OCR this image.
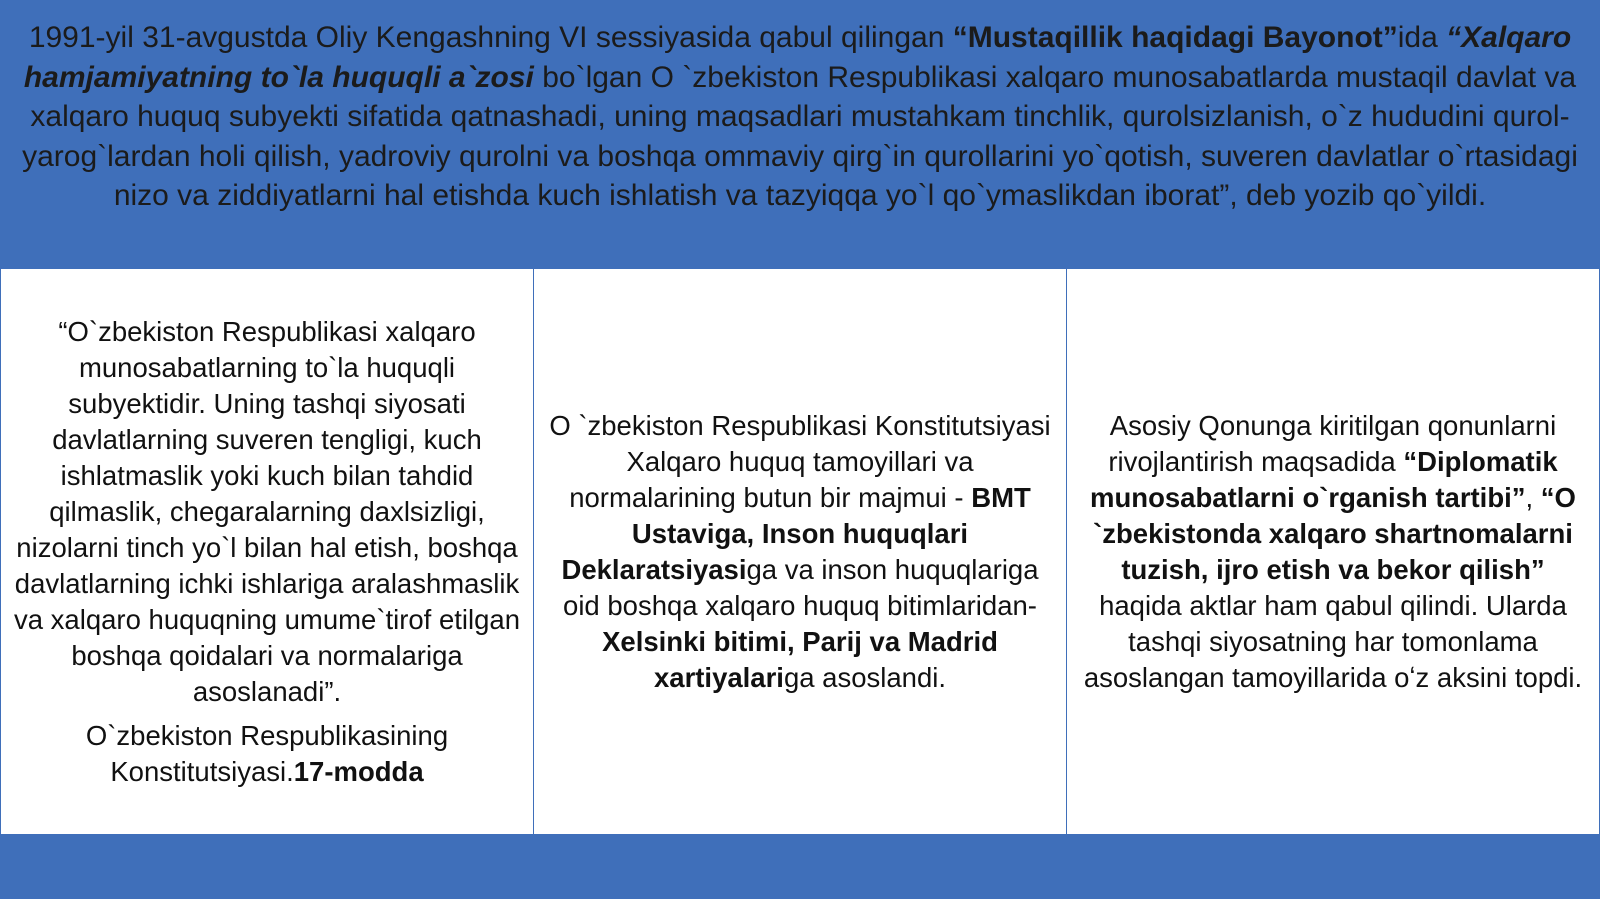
1991-yil 31-avgustda Oliy Kengashning VI sessiyasida qabul qilingan “Mustaqillik haqidagi Bayonot”ida “Xalqaro hamjamiyatning to`la huquqli a`zosi bo`lgan O `zbekiston Respublikasi xalqaro munosabatlarda mustaqil davlat va xalqaro huquq subyekti sifatida qatnashadi, uning maqsadlari mustahkam tinchlik, qurolsizlanish, o`z hududini qurol-yarog`lardan holi qilish, yadroviy qurolni va boshqa ommaviy qirg`in qurollarini yo`qotish, suveren davlatlar o`rtasidagi nizo va ziddiyatlarni hal etishda kuch ishlatish va tazyiqqa yo`l qo`ymaslikdan iborat”, deb yozib qo`yildi.

“O`zbekiston Respublikasi xalqaro munosabatlarning to`la huquqli subyektidir. Uning tashqi siyosati davlatlarning suveren tengligi, kuch ishlatmaslik yoki kuch bilan tahdid qilmaslik, chegaralarning daxlsizligi, nizolarni tinch yo`l bilan hal etish, boshqa davlatlarning ichki ishlariga aralashmaslik va xalqaro huquqning umume`tirof etilgan boshqa qoidalari va normalariga asoslanadi”.

O`zbekiston Respublikasining Konstitutsiyasi.17-modda

O `zbekiston Respublikasi Konstitutsiyasi Xalqaro huquq tamoyillari va normalarining butun bir majmui - BMT Ustaviga, Inson huquqlari Deklaratsiyasiga va inson huquqlariga oid boshqa xalqaro huquq bitimlaridan- Xelsinki bitimi, Parij va Madrid xartiyalariga asoslandi.

Asosiy Qonunga kiritilgan qonunlarni rivojlantirish maqsadida “Diplomatik munosabatlarni o`rganish tartibi”, “O `zbekistonda xalqaro shartnomalarni tuzish, ijro etish va bekor qilish” haqida aktlar ham qabul qilindi. Ularda tashqi siyosatning har tomonlama asoslangan tamoyillarida oʻz aksini topdi.
